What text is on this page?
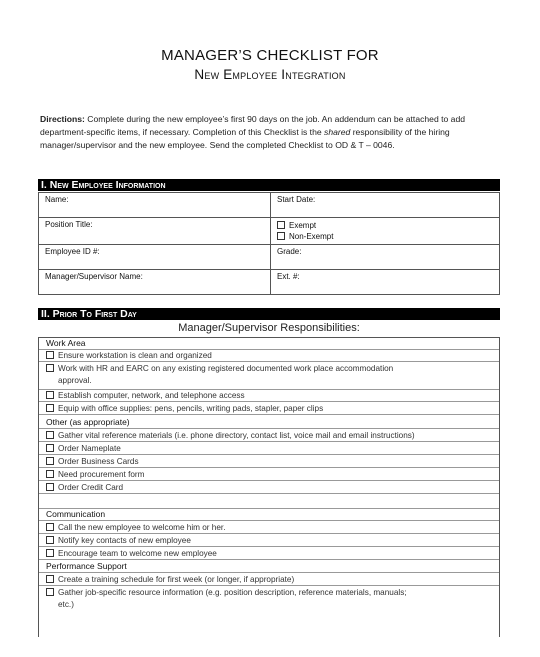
MANAGER’S CHECKLIST FOR
New Employee Integration
Directions: Complete during the new employee’s first 90 days on the job. An addendum can be attached to add department-specific items, if necessary. Completion of this Checklist is the shared responsibility of the hiring manager/supervisor and the new employee. Send the completed Checklist to OD & T – 0046.
I. New Employee Information
Name:	Start Date:
Position Title:	Exempt
Non-Exempt

Employee ID #:	Grade:
Manager/Supervisor Name:	Ext. #:
II. Prior To First Day
Manager/Supervisor Responsibilities:
Work Area
Ensure workstation is clean and organized
Work with HR and EARC on any existing registered documented work place accommodation
approval.
Establish computer, network, and telephone access
Equip with office supplies: pens, pencils, writing pads, stapler, paper clips
Other (as appropriate)
Gather vital reference materials (i.e. phone directory, contact list, voice mail and email instructions)
Order Nameplate
Order Business Cards
Need procurement form
Order Credit Card
Communication
Call the new employee to welcome him or her.
Notify key contacts of new employee
Encourage team to welcome new employee
Performance Support
Create a training schedule for first week (or longer, if appropriate)
Gather job-specific resource information (e.g. position description, reference materials, manuals;
etc.)
